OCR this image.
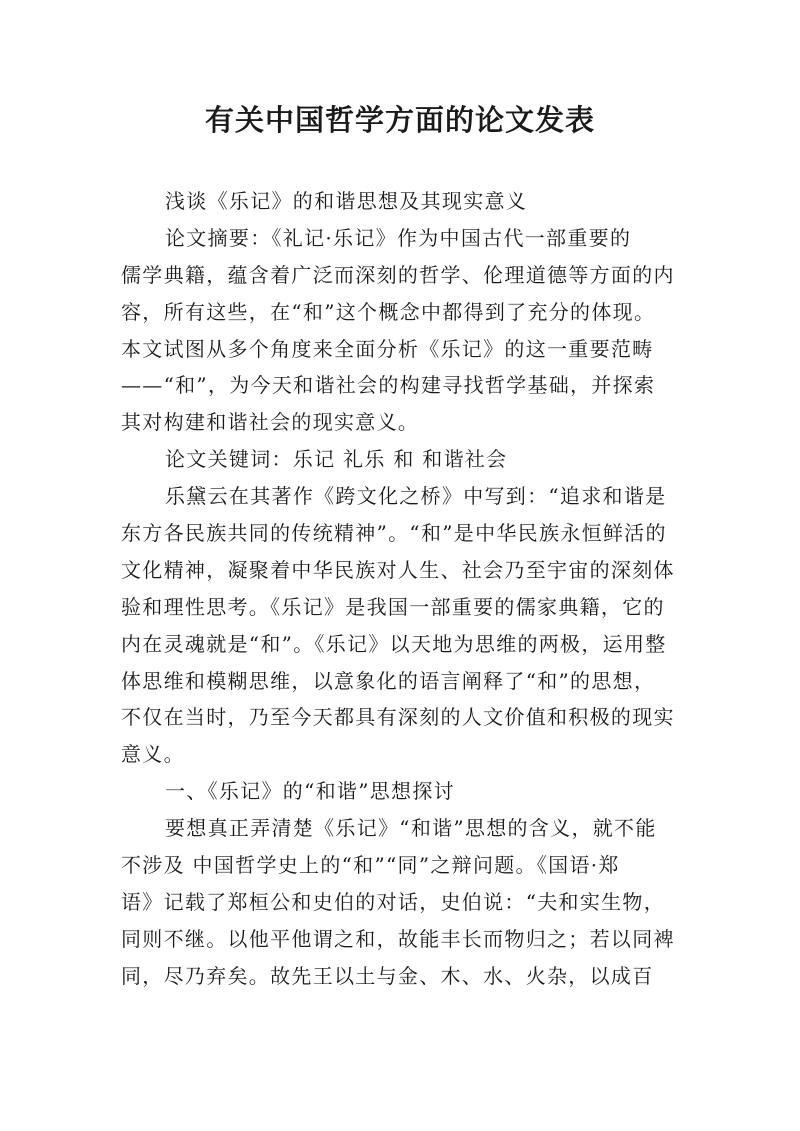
有关中国哲学方面的论文发表
浅谈《乐记》的和谐思想及其现实意义
论文摘要：《礼记·乐记》作为中国古代一部重要的
儒学典籍，蕴含着广泛而深刻的哲学、伦理道德等方面的内
容，所有这些，在“和”这个概念中都得到了充分的体现。
本文试图从多个角度来全面分析《乐记》的这一重要范畴
——“和”，为今天和谐社会的构建寻找哲学基础，并探索
其对构建和谐社会的现实意义。
论文关键词：乐记 礼乐 和 和谐社会
乐黛云在其著作《跨文化之桥》中写到：“追求和谐是
东方各民族共同的传统精神”。“和”是中华民族永恒鲜活的
文化精神，凝聚着中华民族对人生、社会乃至宇宙的深刻体
验和理性思考。《乐记》是我国一部重要的儒家典籍，它的
内在灵魂就是“和”。《乐记》以天地为思维的两极，运用整
体思维和模糊思维，以意象化的语言阐释了“和”的思想，
不仅在当时，乃至今天都具有深刻的人文价值和积极的现实
意义。
一、《乐记》的“和谐”思想探讨
要想真正弄清楚《乐记》“和谐”思想的含义，就不能
不涉及 中国哲学史上的“和”“同”之辩问题。《国语·郑
语》记载了郑桓公和史伯的对话，史伯说：“夫和实生物，
同则不继。以他平他谓之和，故能丰长而物归之；若以同裨
同，尽乃弃矣。故先王以土与金、木、水、火杂，以成百
